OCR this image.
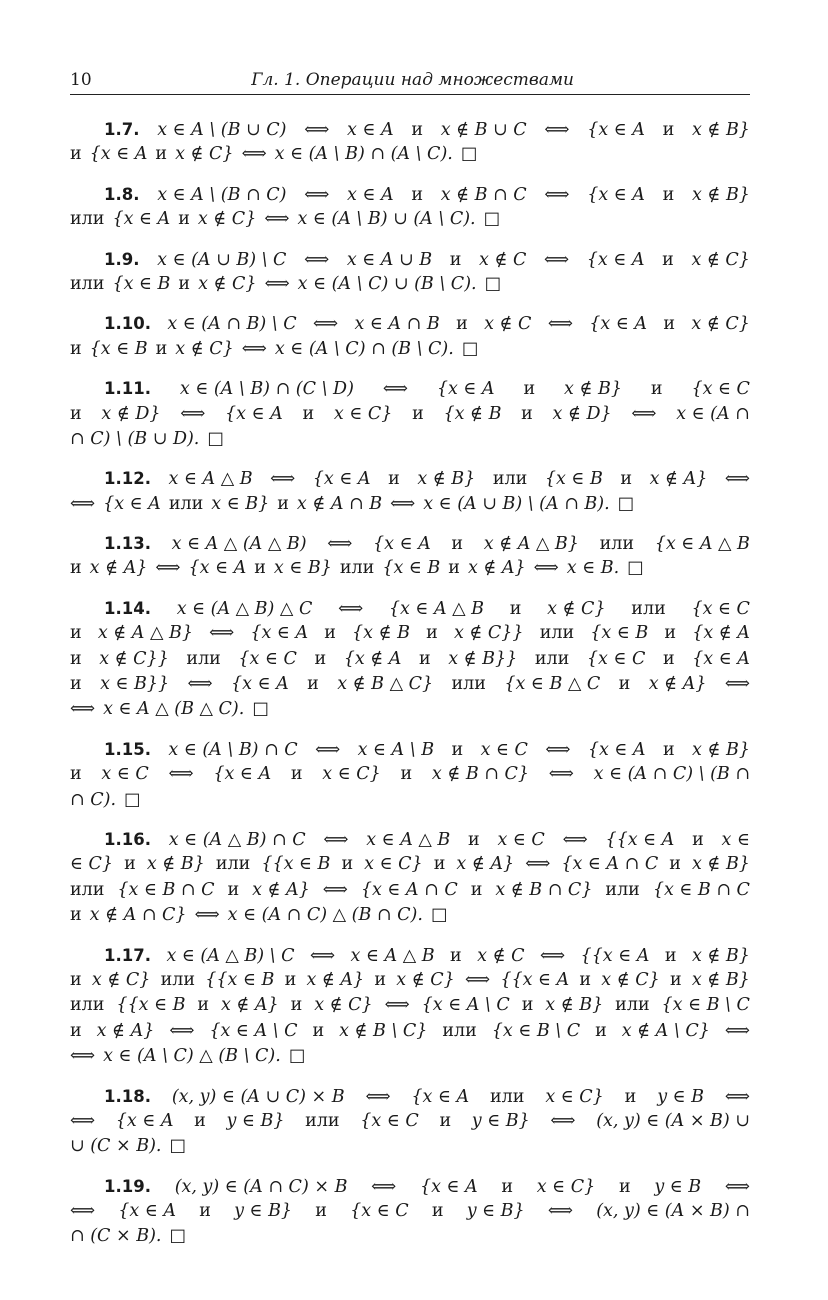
10	Гл. 1. Операции над множествами
1.7. x ∈ A \ (B ∪ C) ⟺ x ∈ A и x ∉ B ∪ C ⟺ {x ∈ A и x ∉ B}
и {x ∈ A и x ∉ C} ⟺ x ∈ (A \ B) ∩ (A \ C). □
1.8. x ∈ A \ (B ∩ C) ⟺ x ∈ A и x ∉ B ∩ C ⟺ {x ∈ A и x ∉ B}
или {x ∈ A и x ∉ C} ⟺ x ∈ (A \ B) ∪ (A \ C). □
1.9. x ∈ (A ∪ B) \ C ⟺ x ∈ A ∪ B и x ∉ C ⟺ {x ∈ A и x ∉ C}
или {x ∈ B и x ∉ C} ⟺ x ∈ (A \ C) ∪ (B \ C). □
1.10. x ∈ (A ∩ B) \ C ⟺ x ∈ A ∩ B и x ∉ C ⟺ {x ∈ A и x ∉ C}
и {x ∈ B и x ∉ C} ⟺ x ∈ (A \ C) ∩ (B \ C). □
1.11. x ∈ (A \ B) ∩ (C \ D) ⟺ {x ∈ A и x ∉ B} и {x ∈ C
и x ∉ D} ⟺ {x ∈ A и x ∈ C} и {x ∉ B и x ∉ D} ⟺ x ∈ (A ∩
∩ C) \ (B ∪ D). □
1.12. x ∈ A △ B ⟺ {x ∈ A и x ∉ B} или {x ∈ B и x ∉ A} ⟺
⟺ {x ∈ A или x ∈ B} и x ∉ A ∩ B ⟺ x ∈ (A ∪ B) \ (A ∩ B). □
1.13. x ∈ A △ (A △ B) ⟺ {x ∈ A и x ∉ A △ B} или {x ∈ A △ B
и x ∉ A} ⟺ {x ∈ A и x ∈ B} или {x ∈ B и x ∉ A} ⟺ x ∈ B. □
1.14. x ∈ (A △ B) △ C ⟺ {x ∈ A △ B и x ∉ C} или {x ∈ C
и x ∉ A △ B} ⟺ {x ∈ A и {x ∉ B и x ∉ C}} или {x ∈ B и {x ∉ A
и x ∉ C}} или {x ∈ C и {x ∉ A и x ∉ B}} или {x ∈ C и {x ∈ A
и x ∈ B}} ⟺ {x ∈ A и x ∉ B △ C} или {x ∈ B △ C и x ∉ A} ⟺
⟺ x ∈ A △ (B △ C). □
1.15. x ∈ (A \ B) ∩ C ⟺ x ∈ A \ B и x ∈ C ⟺ {x ∈ A и x ∉ B}
и x ∈ C ⟺ {x ∈ A и x ∈ C} и x ∉ B ∩ C} ⟺ x ∈ (A ∩ C) \ (B ∩
∩ C). □
1.16. x ∈ (A △ B) ∩ C ⟺ x ∈ A △ B и x ∈ C ⟺ {{x ∈ A и x ∈
∈ C} и x ∉ B} или {{x ∈ B и x ∈ C} и x ∉ A} ⟺ {x ∈ A ∩ C и x ∉ B}
или {x ∈ B ∩ C и x ∉ A} ⟺ {x ∈ A ∩ C и x ∉ B ∩ C} или {x ∈ B ∩ C
и x ∉ A ∩ C} ⟺ x ∈ (A ∩ C) △ (B ∩ C). □
1.17. x ∈ (A △ B) \ C ⟺ x ∈ A △ B и x ∉ C ⟺ {{x ∈ A и x ∉ B}
и x ∉ C} или {{x ∈ B и x ∉ A} и x ∉ C} ⟺ {{x ∈ A и x ∉ C} и x ∉ B}
или {{x ∈ B и x ∉ A} и x ∉ C} ⟺ {x ∈ A \ C и x ∉ B} или {x ∈ B \ C
и x ∉ A} ⟺ {x ∈ A \ C и x ∉ B \ C} или {x ∈ B \ C и x ∉ A \ C} ⟺
⟺ x ∈ (A \ C) △ (B \ C). □
1.18. (x, y) ∈ (A ∪ C) × B ⟺ {x ∈ A или x ∈ C} и y ∈ B ⟺
⟺ {x ∈ A и y ∈ B} или {x ∈ C и y ∈ B} ⟺ (x, y) ∈ (A × B) ∪
∪ (C × B). □
1.19. (x, y) ∈ (A ∩ C) × B ⟺ {x ∈ A и x ∈ C} и y ∈ B ⟺
⟺ {x ∈ A и y ∈ B} и {x ∈ C и y ∈ B} ⟺ (x, y) ∈ (A × B) ∩
∩ (C × B). □
